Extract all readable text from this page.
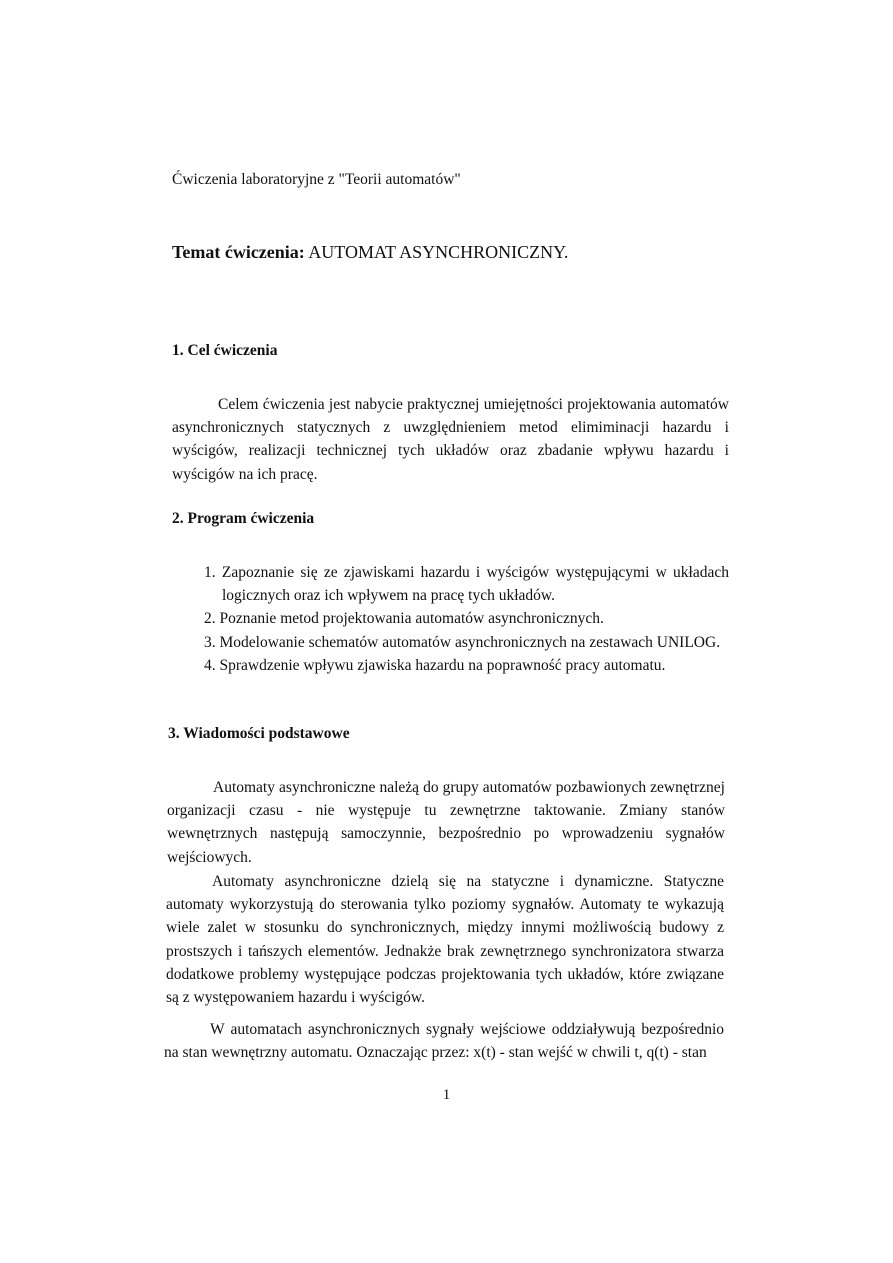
Ćwiczenia laboratoryjne z "Teorii automatów"
Temat ćwiczenia: AUTOMAT ASYNCHRONICZNY.
1. Cel ćwiczenia
Celem ćwiczenia jest nabycie praktycznej umiejętności projektowania automatów asynchronicznych statycznych z uwzględnieniem metod elimiminacji hazardu i wyścigów, realizacji technicznej tych układów oraz zbadanie wpływu hazardu i wyścigów na ich pracę.
2. Program ćwiczenia
1. Zapoznanie się ze zjawiskami hazardu i wyścigów występującymi w układach logicznych oraz ich wpływem na pracę tych układów.
2. Poznanie metod projektowania automatów asynchronicznych.
3. Modelowanie schematów automatów asynchronicznych na zestawach UNILOG.
4. Sprawdzenie wpływu zjawiska hazardu na poprawność pracy automatu.
3. Wiadomości podstawowe
Automaty asynchroniczne należą do grupy automatów pozbawionych zewnętrznej organizacji czasu - nie występuje tu zewnętrzne taktowanie. Zmiany stanów wewnętrznych następują samoczynnie, bezpośrednio po wprowadzeniu sygnałów wejściowych.
Automaty asynchroniczne dzielą się na statyczne i dynamiczne. Statyczne automaty wykorzystują do sterowania tylko poziomy sygnałów. Automaty te wykazują wiele zalet w stosunku do synchronicznych, między innymi możliwością budowy z prostszych i tańszych elementów. Jednakże brak zewnętrznego synchronizatora stwarza dodatkowe problemy występujące podczas projektowania tych układów, które związane są z występowaniem hazardu i wyścigów.
W automatach asynchronicznych sygnały wejściowe oddziaływują bezpośrednio na stan wewnętrzny automatu. Oznaczając przez: x(t) - stan wejść w chwili t, q(t) - stan
1
